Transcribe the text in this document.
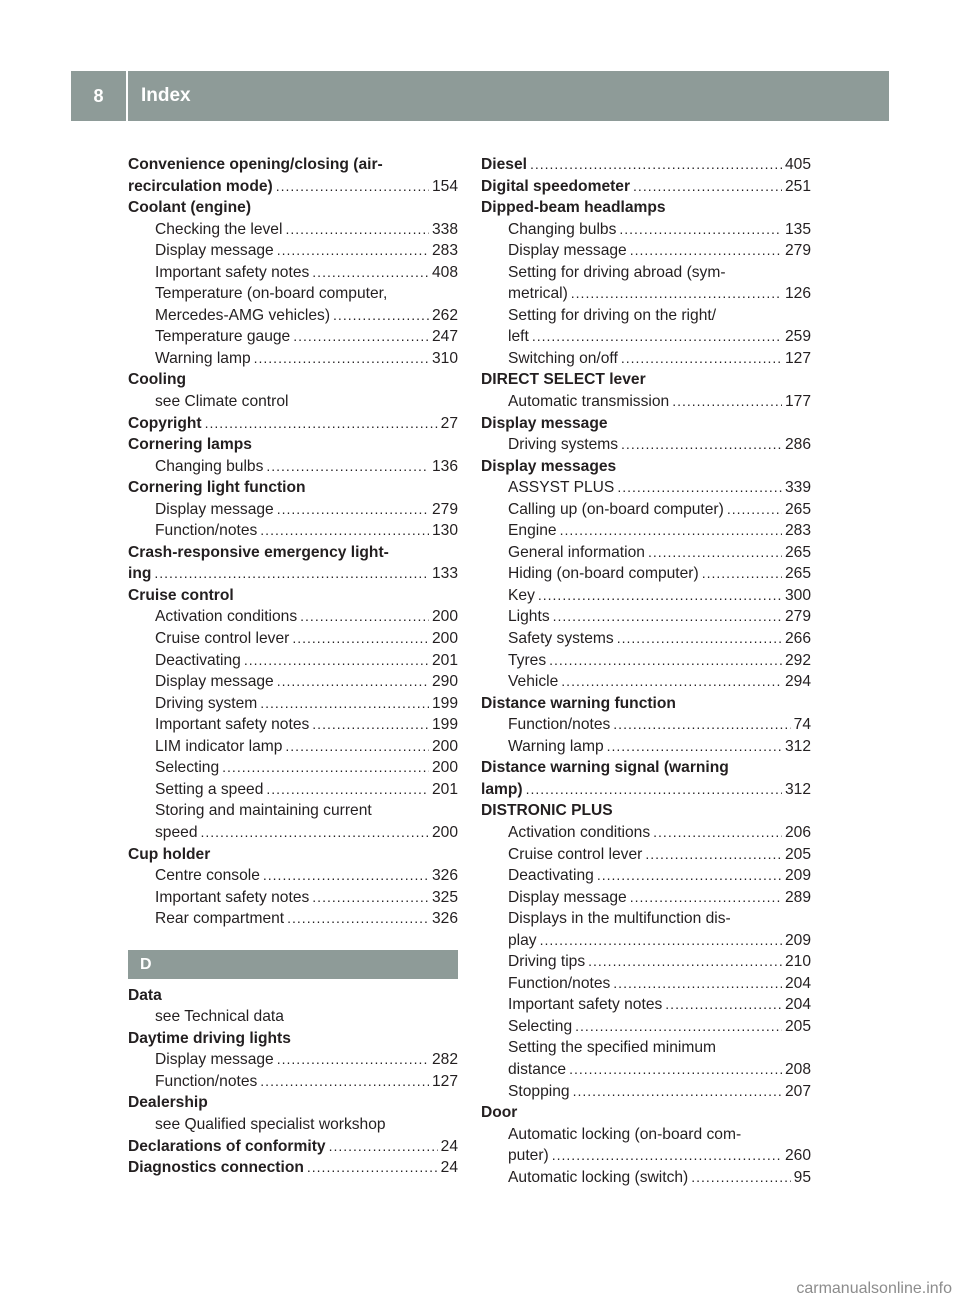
8	Index
Convenience opening/closing (air-
recirculation mode) .....	154
Coolant (engine)
Checking the level .....	338
Display message .....	283
Important safety notes .....	408
Temperature (on-board computer,
Mercedes-AMG vehicles) .....	262
Temperature gauge .....	247
Warning lamp .....	310
Cooling
see Climate control
Copyright .....	27
Cornering lamps
Changing bulbs .....	136
Cornering light function
Display message .....	279
Function/notes .....	130
Crash-responsive emergency light-
ing .....	133
Cruise control
Activation conditions .....	200
Cruise control lever .....	200
Deactivating .....	201
Display message .....	290
Driving system .....	199
Important safety notes .....	199
LIM indicator lamp .....	200
Selecting .....	200
Setting a speed .....	201
Storing and maintaining current
speed .....	200
Cup holder
Centre console .....	326
Important safety notes .....	325
Rear compartment .....	326
D
Data
see Technical data
Daytime driving lights
Display message .....	282
Function/notes .....	127
Dealership
see Qualified specialist workshop
Declarations of conformity .....	24
Diagnostics connection .....	24
Diesel .....	405
Digital speedometer .....	251
Dipped-beam headlamps
Changing bulbs .....	135
Display message .....	279
Setting for driving abroad (sym-
metrical) .....	126
Setting for driving on the right/
left .....	259
Switching on/off .....	127
DIRECT SELECT lever
Automatic transmission .....	177
Display message
Driving systems .....	286
Display messages
ASSYST PLUS .....	339
Calling up (on-board computer) .....	265
Engine .....	283
General information .....	265
Hiding (on-board computer) .....	265
Key .....	300
Lights .....	279
Safety systems .....	266
Tyres .....	292
Vehicle .....	294
Distance warning function
Function/notes .....	74
Warning lamp .....	312
Distance warning signal (warning
lamp) .....	312
DISTRONIC PLUS
Activation conditions .....	206
Cruise control lever .....	205
Deactivating .....	209
Display message .....	289
Displays in the multifunction dis-
play .....	209
Driving tips .....	210
Function/notes .....	204
Important safety notes .....	204
Selecting .....	205
Setting the specified minimum
distance .....	208
Stopping .....	207
Door
Automatic locking (on-board com-
puter) .....	260
Automatic locking (switch) .....	95
carmanualsonline.info
